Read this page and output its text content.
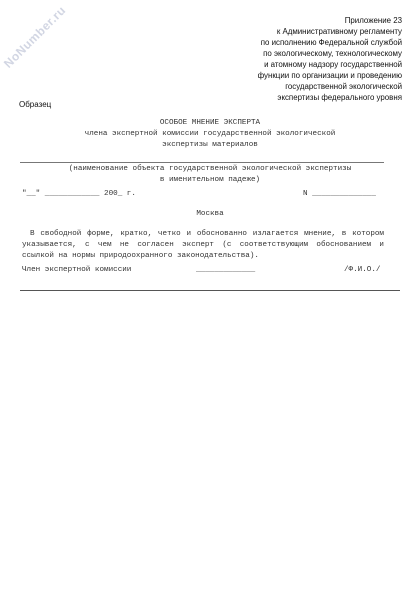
NoNumber.ru	Приложение 23
к Административному регламенту
по исполнению Федеральной службой
по экологическому, технологическому
и атомному надзору государственной
функции по организации и проведению
государственной экологической
экспертизы федерального уровня
Образец
ОСОБОЕ МНЕНИЕ ЭКСПЕРТА
члена экспертной комиссии государственной экологической
экспертизы материалов
(наименование объекта государственной экологической экспертизы
в именительном падеже)
"__" ____________ 200_ г.	N ______________
Москва
В свободной форме, кратко, четко и обоснованно излагается мнение, в котором указывается, с чем не согласен эксперт (с соответствующим обоснованием и ссылкой на нормы природоохранного законодательства).
Член экспертной комиссии	_____________	/Ф.И.О./
